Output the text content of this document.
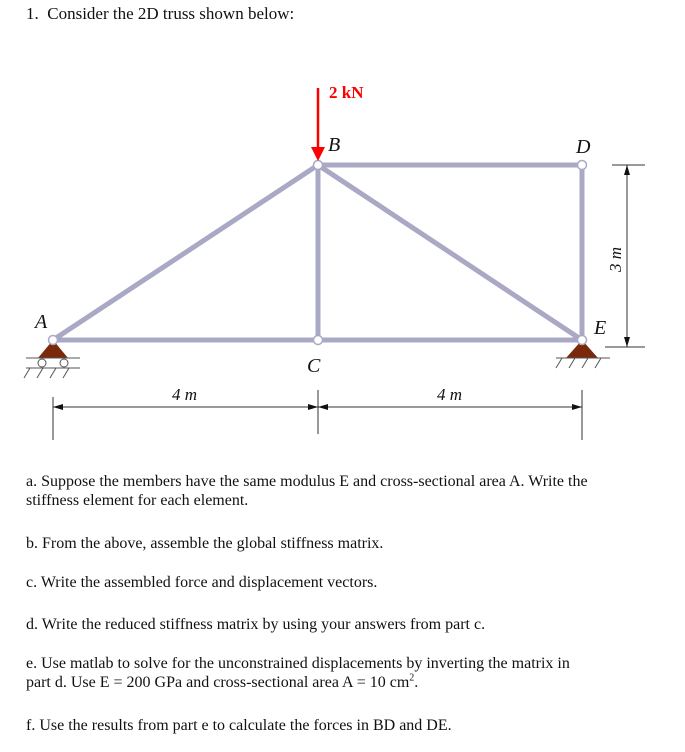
1. Consider the 2D truss shown below:
2 kN
A
B
C
D
E
4 m	4 m
3 m
a. Suppose the members have the same modulus E and cross-sectional area A. Write the
stiffness element for each element.
b. From the above, assemble the global stiffness matrix.
c. Write the assembled force and displacement vectors.
d. Write the reduced stiffness matrix by using your answers from part c.
e. Use matlab to solve for the unconstrained displacements by inverting the matrix in
part d. Use E = 200 GPa and cross-sectional area A = 10 $cm^2$.
f. Use the results from part e to calculate the forces in BD and DE.
